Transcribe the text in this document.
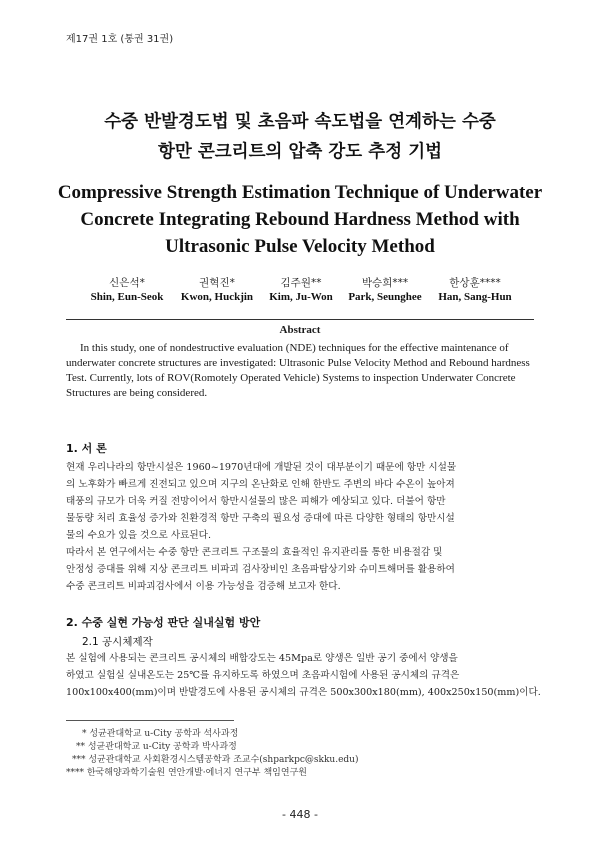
제17권 1호 (통권 31권)
수중 반발경도법 및 초음파 속도법을 연계하는 수중
항만 콘크리트의 압축 강도 추정 기법
Compressive Strength Estimation Technique of Underwater
Concrete Integrating Rebound Hardness Method with
Ultrasonic Pulse Velocity Method
신은석*
Shin, Eun-Seok
권혁진*
Kwon, Huckjin
김주원**
Kim, Ju-Won
박승희***
Park, Seunghee
한상훈****
Han, Sang-Hun
Abstract
In this study, one of nondestructive evaluation (NDE) techniques for the effective maintenance of
underwater concrete structures are investigated: Ultrasonic Pulse Velocity Method and Rebound hardness
Test. Currently, lots of ROV(Romotely Operated Vehicle) Systems to inspection Underwater Concrete
Structures are being considered.
1. 서 론
현재 우리나라의 항만시설은 1960~1970년대에 개발된 것이 대부분이기 때문에 항만 시설물
의 노후화가 빠르게 진전되고 있으며 지구의 온난화로 인해 한반도 주변의 바다 수온이 높아져
태풍의 규모가 더욱 커질 전망이어서 항만시설물의 많은 피해가 예상되고 있다. 더불어 항만
물동량 처리 효율성 증가와 친환경적 항만 구축의 필요성 증대에 따른 다양한 형태의 항만시설
물의 수요가 있을 것으로 사료된다.
따라서 본 연구에서는 수중 항만 콘크리트 구조물의 효율적인 유지관리를 통한 비용절감 및
안정성 증대를 위해 지상 콘크리트 비파괴 검사장비인 초음파탐상기와 슈미트해머를 활용하여
수중 콘크리트 비파괴검사에서 이용 가능성을 검증해 보고자 한다.
2. 수중 실현 가능성 판단 실내실험 방안
2.1 공시체제작
본 실험에 사용되는 콘크리트 공시체의 배합강도는 45Mpa로 양생은 일반 공기 중에서 양생을
하였고 실험실 실내온도는 25℃를 유지하도록 하였으며 초음파시험에 사용된 공시체의 규격은
100x100x400(mm)이며 반발경도에 사용된 공시체의 규격은 500x300x180(mm), 400x250x150(mm)이다.
* 성균관대학교 u-City 공학과 석사과정
** 성균관대학교 u-City 공학과 박사과정
*** 성균관대학교 사회환경시스템공학과 조교수(shparkpc@skku.edu)
**** 한국해양과학기술원 연안개발·에너지 연구부 책임연구원
- 448 -
